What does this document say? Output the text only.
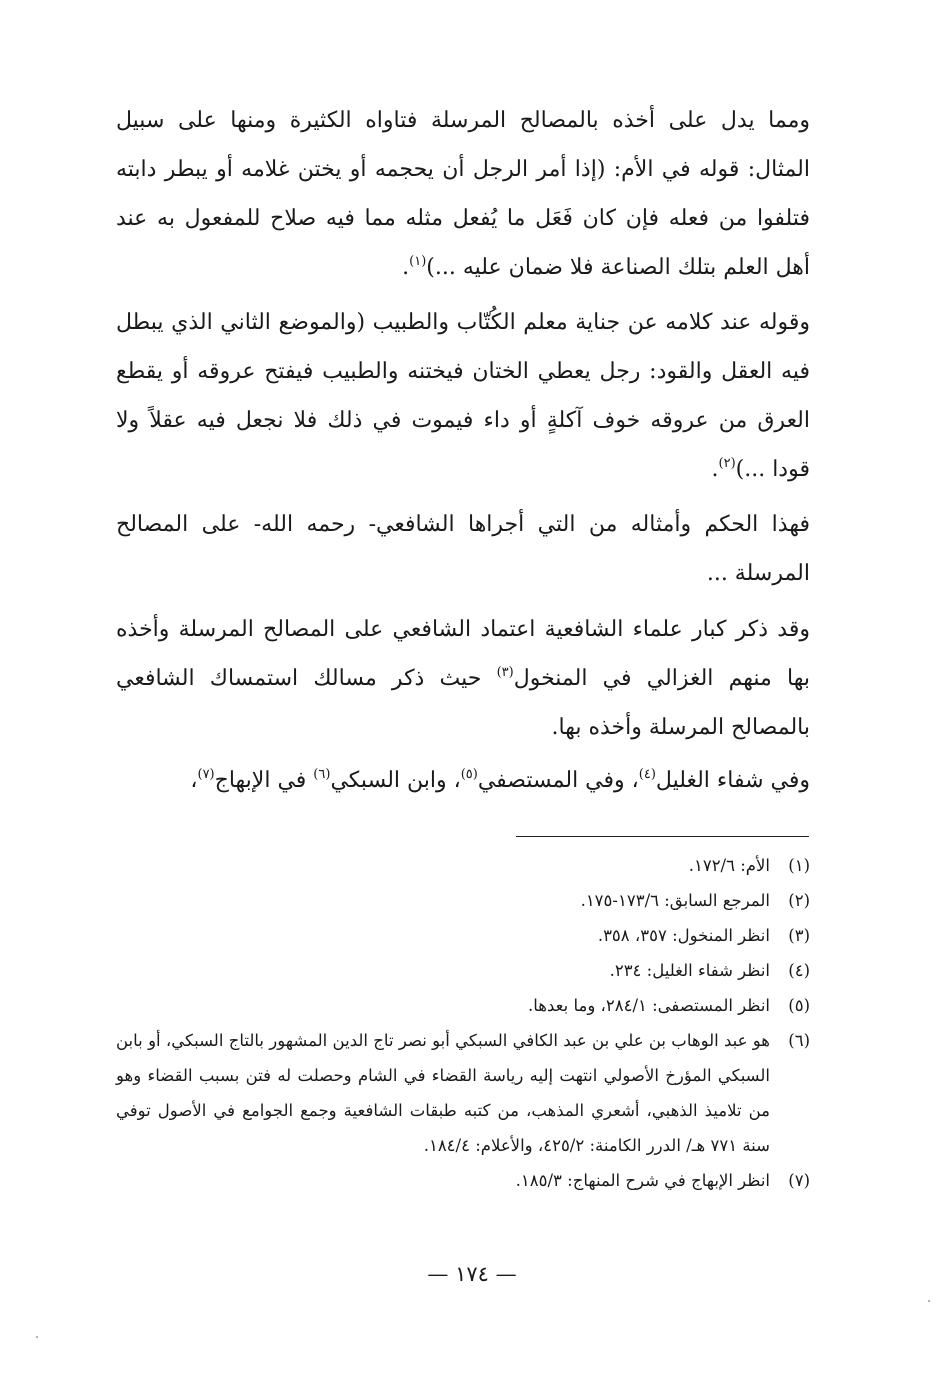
ومما يدل على أخذه بالمصالح المرسلة فتاواه الكثيرة ومنها على سبيل المثال: قوله في الأم: (إذا أمر الرجل أن يحجمه أو يختن غلامه أو يبطر دابته فتلفوا من فعله فإن كان فَعَل ما يُفعل مثله مما فيه صلاح للمفعول به عند أهل العلم بتلك الصناعة فلا ضمان عليه ...)$^{(١)}$.

وقوله عند كلامه عن جناية معلم الكُتّاب والطبيب (والموضع الثاني الذي يبطل فيه العقل والقود: رجل يعطي الختان فيختنه والطبيب فيفتح عروقه أو يقطع العرق من عروقه خوف آكلةٍ أو داء فيموت في ذلك فلا نجعل فيه عقلاً ولا قودا ...)$^{(٢)}$.

فهذا الحكم وأمثاله من التي أجراها الشافعي- رحمه الله- على المصالح المرسلة ...

وقد ذكر كبار علماء الشافعية اعتماد الشافعي على المصالح المرسلة وأخذه بها منهم الغزالي في المنخول$^{(٣)}$ حيث ذكر مسالك استمساك الشافعي بالمصالح المرسلة وأخذه بها.

وفي شفاء الغليل$^{(٤)}$، وفي المستصفي$^{(٥)}$، وابن السبكي$^{(٦)}$ في الإبهاج$^{(٧)}$،

(١)
الأم: ١٧٢/٦.
(٢)
المرجع السابق: ١٧٣/٦-١٧٥.
(٣)
انظر المنخول: ٣٥٧، ٣٥٨.
(٤)
انظر شفاء الغليل: ٢٣٤.
(٥)
انظر المستصفى: ٢٨٤/١، وما بعدها.
(٦)
هو عبد الوهاب بن علي بن عبد الكافي السبكي أبو نصر تاج الدين المشهور بالتاج السبكي، أو بابن السبكي المؤرخ الأصولي انتهت إليه رياسة القضاء في الشام وحصلت له فتن بسبب القضاء وهو من تلاميذ الذهبي، أشعري المذهب، من كتبه طبقات الشافعية وجمع الجوامع في الأصول توفي سنة ٧٧١ هـ/ الدرر الكامنة: ٤٢٥/٢، والأعلام: ١٨٤/٤.
(٧)
انظر الإبهاج في شرح المنهاج: ١٨٥/٣.
— ١٧٤ —
